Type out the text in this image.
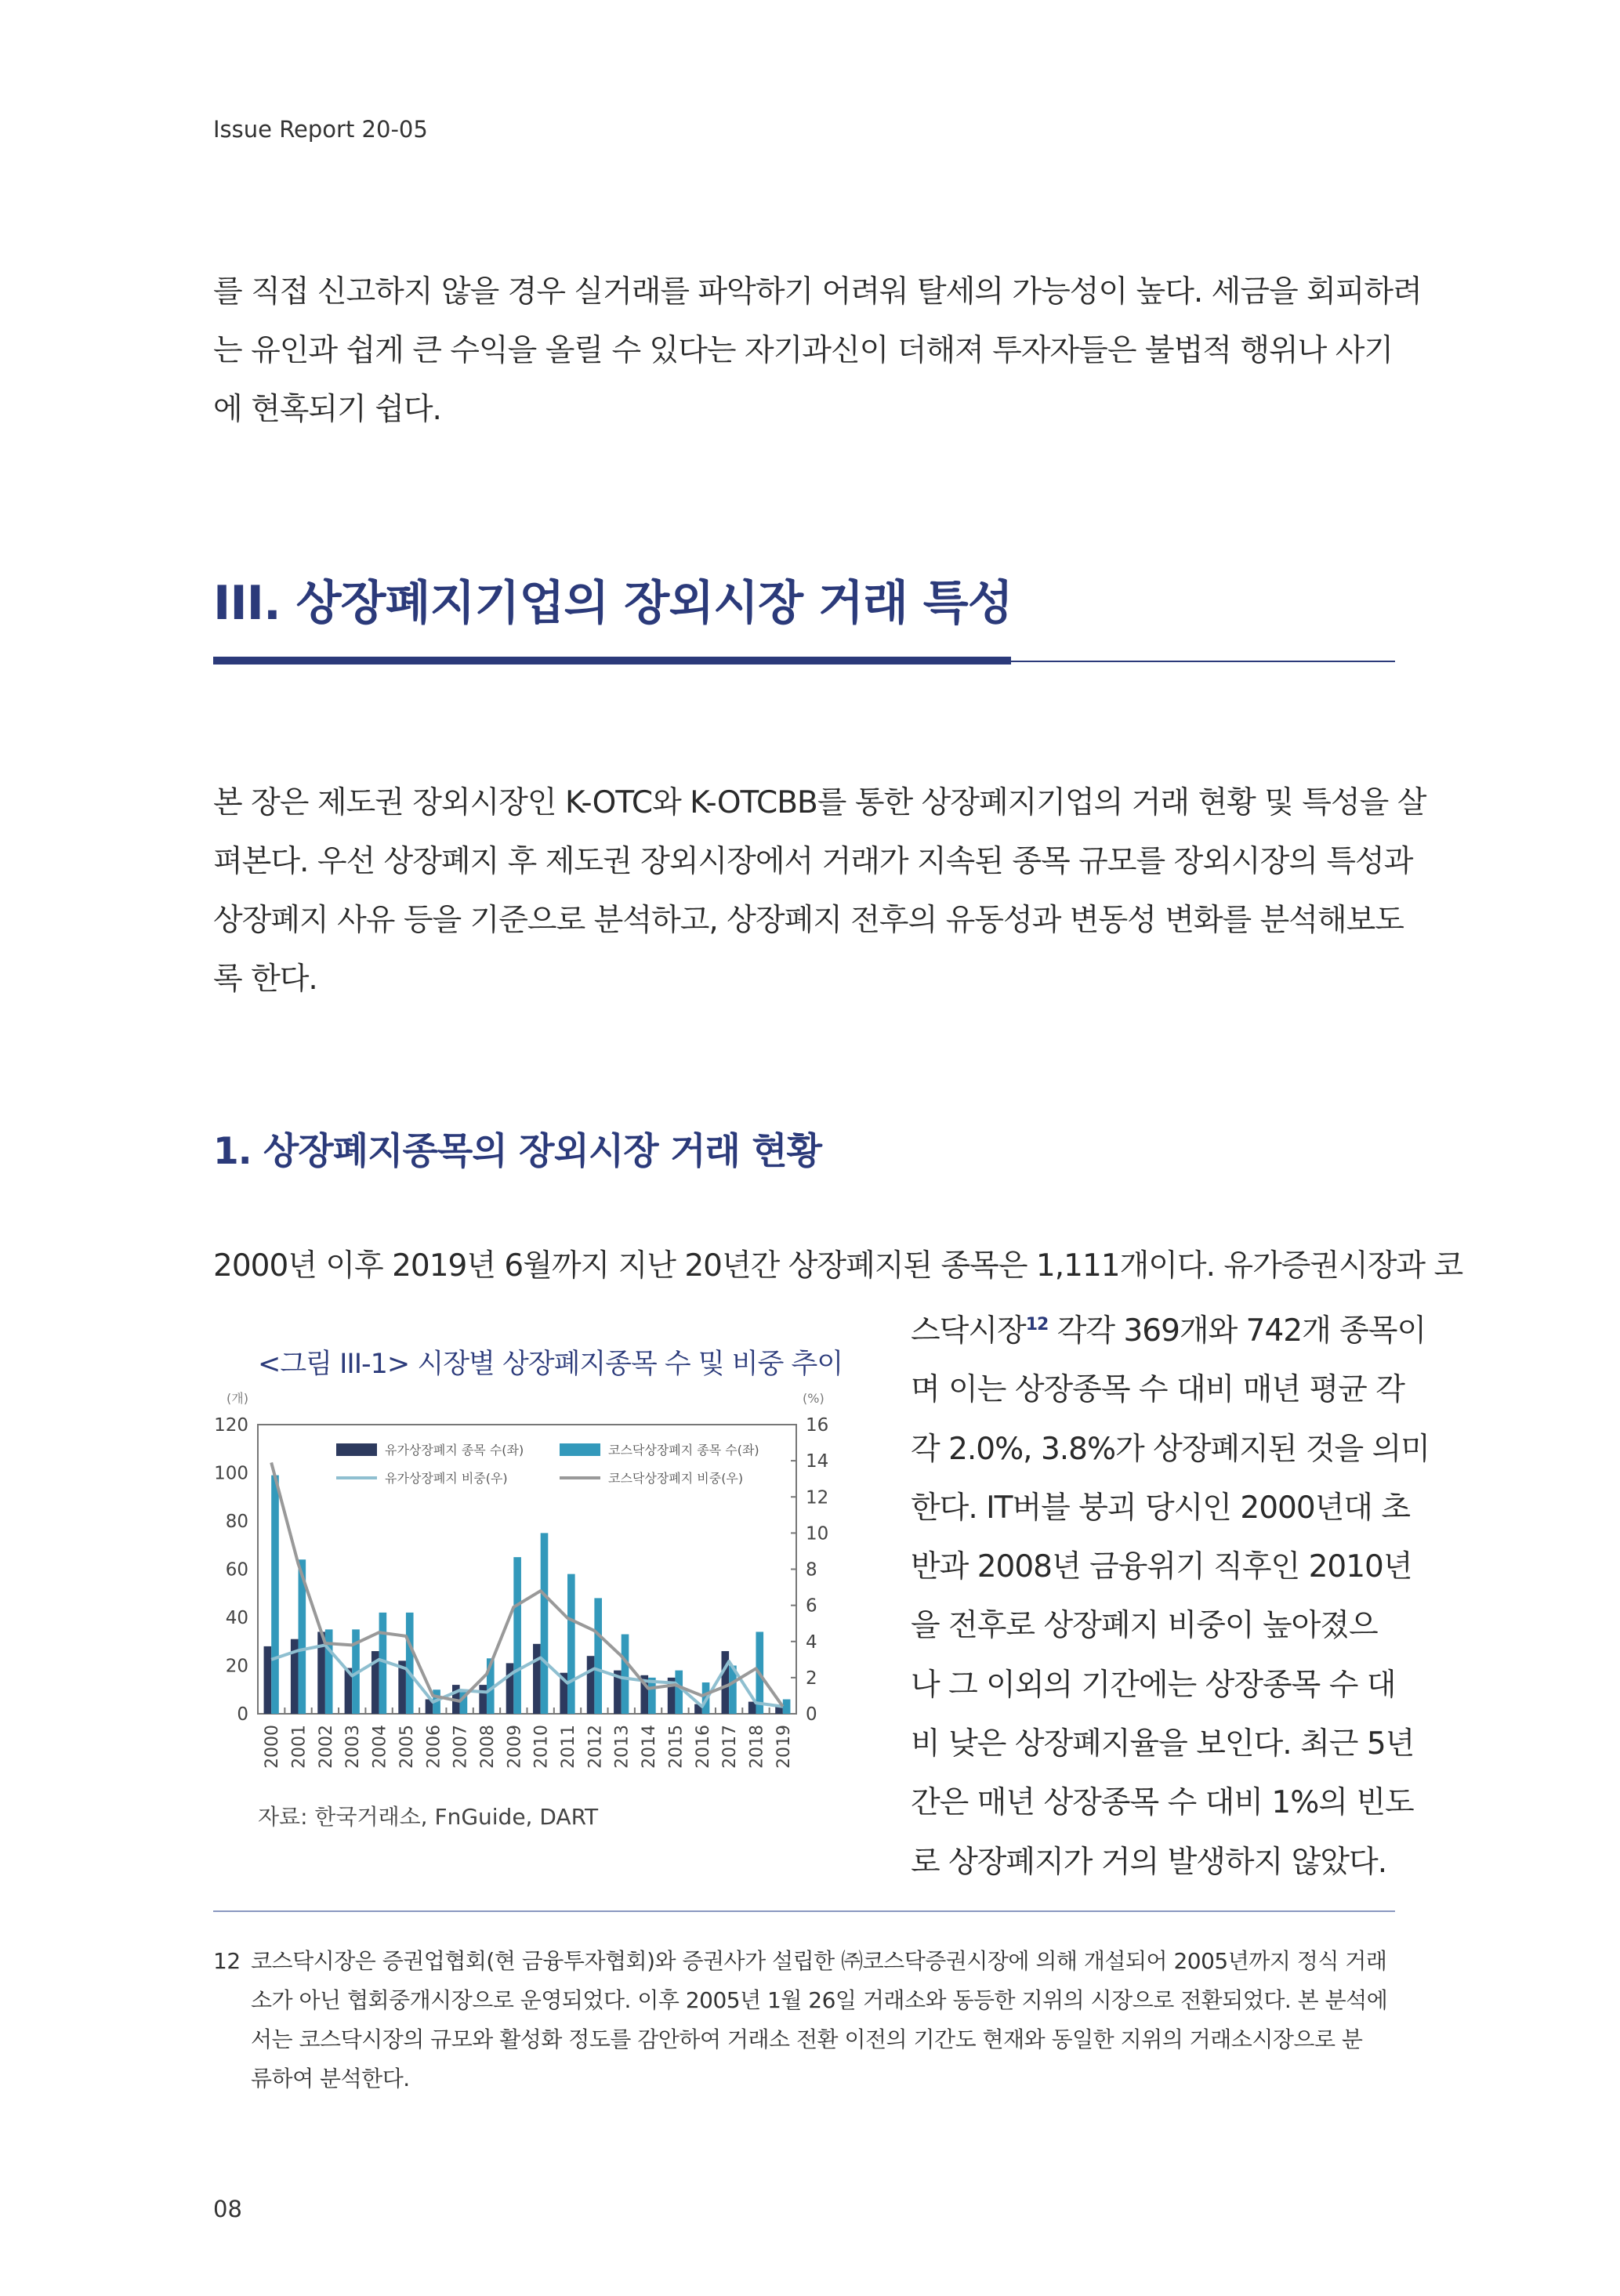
Issue Report 20-05
를 직접 신고하지 않을 경우 실거래를 파악하기 어려워 탈세의 가능성이 높다. 세금을 회피하려
는 유인과 쉽게 큰 수익을 올릴 수 있다는 자기과신이 더해져 투자자들은 불법적 행위나 사기
에 현혹되기 쉽다.
III. 상장폐지기업의 장외시장 거래 특성
본 장은 제도권 장외시장인 K-OTC와 K-OTCBB를 통한 상장폐지기업의 거래 현황 및 특성을 살
펴본다. 우선 상장폐지 후 제도권 장외시장에서 거래가 지속된 종목 규모를 장외시장의 특성과
상장폐지 사유 등을 기준으로 분석하고, 상장폐지 전후의 유동성과 변동성 변화를 분석해보도
록 한다.
1. 상장폐지종목의 장외시장 거래 현황
2000년 이후 2019년 6월까지 지난 20년간 상장폐지된 종목은 1,111개이다. 유가증권시장과 코
스닥시장$^{12}$ 각각 369개와 742개 종목이
며 이는 상장종목 수 대비 매년 평균 각
각 2.0%, 3.8%가 상장폐지된 것을 의미
한다. IT버블 붕괴 당시인 2000년대 초
반과 2008년 금융위기 직후인 2010년
을 전후로 상장폐지 비중이 높아졌으
나 그 이외의 기간에는 상장종목 수 대
비 낮은 상장폐지율을 보인다. 최근 5년
간은 매년 상장종목 수 대비 1%의 빈도
로 상장폐지가 거의 발생하지 않았다.
<그림 III-1> 시장별 상장폐지종목 수 및 비중 추이
(개)	(%)
0
20
40
60
80
100
120
0
2
4
6
8
10
12
14
16
2000 2001 2002 2003 2004 2005 2006 2007 2008 2009 2010 2011 2012 2013 2014 2015 2016 2017 2018 2019
유가상장폐지 종목 수(좌)	코스닥상장폐지 종목 수(좌)
유가상장폐지 비중(우)	코스닥상장폐지 비중(우)
자료: 한국거래소, FnGuide, DART
12 코스닥시장은 증권업협회(현 금융투자협회)와 증권사가 설립한 ㈜코스닥증권시장에 의해 개설되어 2005년까지 정식 거래
소가 아닌 협회중개시장으로 운영되었다. 이후 2005년 1월 26일 거래소와 동등한 지위의 시장으로 전환되었다. 본 분석에
서는 코스닥시장의 규모와 활성화 정도를 감안하여 거래소 전환 이전의 기간도 현재와 동일한 지위의 거래소시장으로 분
류하여 분석한다.
08
